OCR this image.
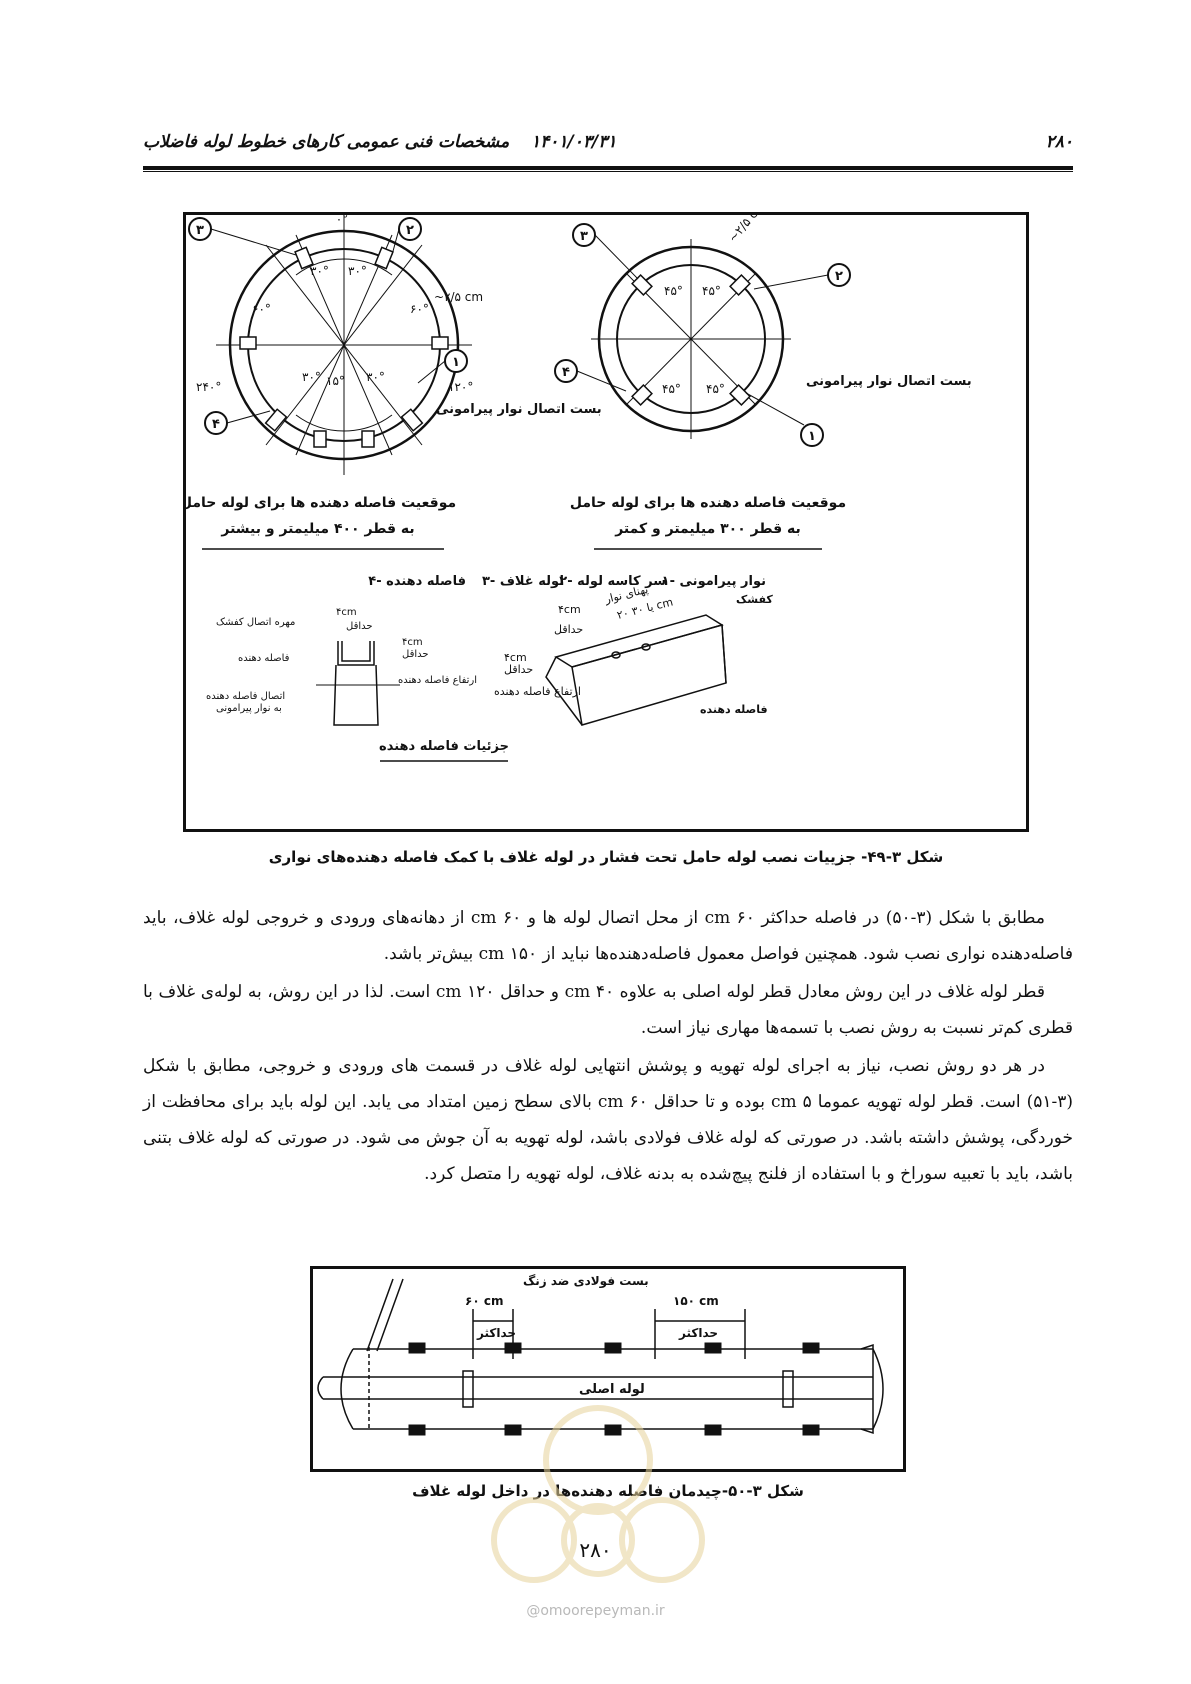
۲۸۰
۱۴۰۱/۰۳/۳۱
مشخصات فنی عمومی کارهای خطوط لوله فاضلاب
۰°
۳۰° ۳۰°
۶۰°	۶۰°
۳۰° ۱۵° ۳۰°
۱۲۰°
۲۴۰°
~۲/۵ cm
بست اتصال نوار پیرامونی
۳	۲
۱
۴
۴۵° ۴۵°
۴۵° ۴۵°
~۲/۵ cm
بست اتصال نوار پیرامونی
۳
۲
۴
۱
موقعیت فاصله دهنده ها برای لوله حامل
به قطر ۴۰۰ میلیمتر و بیشتر
موقعیت فاصله دهنده ها برای لوله حامل
به قطر ۳۰۰ میلیمتر و کمتر
۱- نوار پیرامونی
۲- سر کاسه لوله
۳- لوله غلاف
۴- فاصله دهنده
۴cm
حداقل
۴cm
حداقل
مهره اتصال کفشک
فاصله دهنده
ارتفاع فاصله دهنده
اتصال فاصله دهنده
به نوار پیرامونی
پهنای نوار
۲۰ یا ۳۰ cm	کفشک
۴cm
حداقل
۴cm
حداقل
ارتفاع فاصله دهنده
فاصله دهنده
جزئیات فاصله دهنده
شکل ۳-۴۹- جزییات نصب لوله حامل تحت فشار در لوله غلاف با کمک فاصله دهنده‌های نواری

مطابق با شکل (۳-۵۰) در فاصله حداکثر ۶۰ cm از محل اتصال لوله ها و ۶۰ cm از دهانه‌های ورودی و خروجی لوله غلاف، باید فاصله‌دهنده نواری نصب شود. همچنین فواصل معمول فاصله‌دهنده‌ها نباید از ۱۵۰ cm بیش‌تر باشد.

قطر لوله غلاف در این روش معادل قطر لوله اصلی به علاوه ۴۰ cm و حداقل ۱۲۰ cm است. لذا در این روش، به لوله‌ی غلاف با قطری کم‌تر نسبت به روش نصب با تسمه‌ها مهاری نیاز است.

در هر دو روش نصب، نیاز به اجرای لوله تهویه و پوشش انتهایی لوله غلاف در قسمت های ورودی و خروجی، مطابق با شکل (۳-۵۱) است. قطر لوله تهویه عموما ۵ cm بوده و تا حداقل ۶۰ cm بالای سطح زمین امتداد می یابد. این لوله باید برای محافظت از خوردگی، پوشش داشته باشد. در صورتی که لوله غلاف فولادی باشد، لوله تهویه به آن جوش می شود. در صورتی که لوله غلاف بتنی باشد، باید با تعبیه سوراخ و با استفاده از فلنج پیچ‌شده به بدنه غلاف، لوله تهویه را متصل کرد.

بست فولادی ضد زنگ
۶۰ cm
حداکثر
۱۵۰ cm
حداکثر
لوله اصلی
شکل ۳-۵۰-چیدمان فاصله دهنده‌ها در داخل لوله غلاف
۲۸۰
@omoorepeyman.ir
